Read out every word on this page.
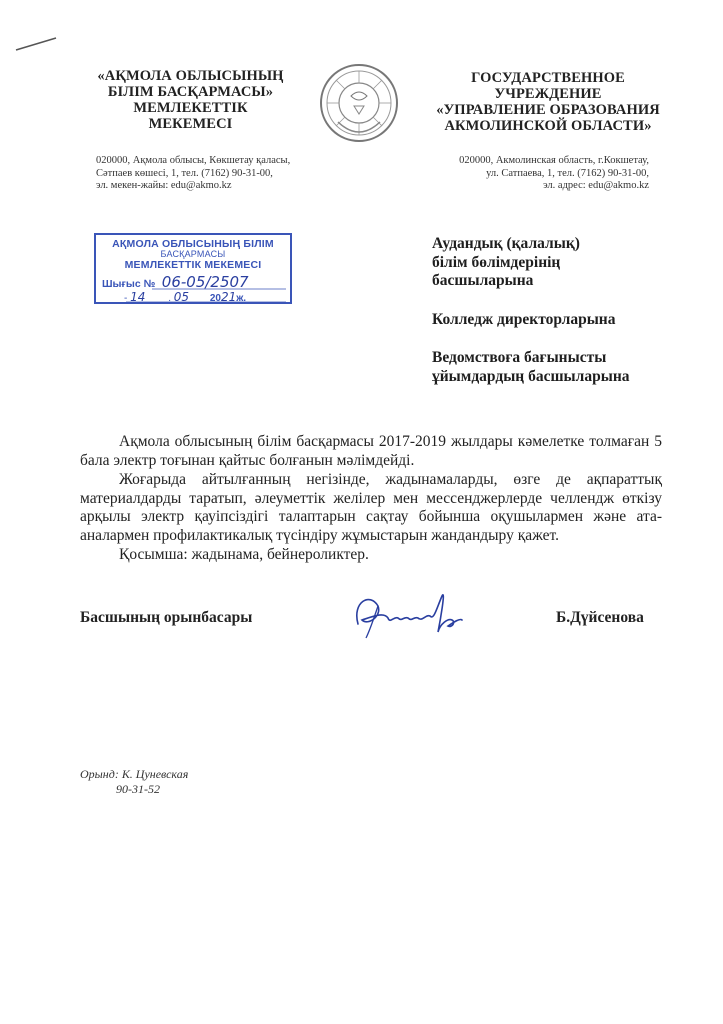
«АҚМОЛА ОБЛЫСЫНЫҢ
БІЛІМ БАСҚАРМАСЫ»
МЕМЛЕКЕТТІК
МЕКЕМЕСІ
ГОСУДАРСТВЕННОЕ
УЧРЕЖДЕНИЕ
«УПРАВЛЕНИЕ ОБРАЗОВАНИЯ
АКМОЛИНСКОЙ ОБЛАСТИ»
020000, Ақмола облысы, Көкшетау қаласы,
Сәтпаев көшесі, 1, тел. (7162) 90-31-00,
эл. мекен-жайы: edu@akmo.kz
020000, Акмолинская область, г.Кокшетау,
ул. Сатпаева, 1, тел. (7162) 90-31-00,
эл. адрес: edu@akmo.kz
АҚМОЛА ОБЛЫСЫНЫҢ БІЛІМ
БАСҚАРМАСЫ
МЕМЛЕКЕТТІК МЕКЕМЕСІ
Шығыс № 06-05/2507
- 14 . 05 2021ж.
Аудандық (қалалық)
білім бөлімдерінің
басшыларына
Колледж директорларына
Ведомствоға бағынысты
ұйымдардың басшыларына

Ақмола облысының білім басқармасы 2017-2019 жылдары кәмелетке толмаған 5 бала электр тоғынан қайтыс болғанын мәлімдейді.

Жоғарыда айтылғанның негізінде, жадынамаларды, өзге де ақпараттық материалдарды таратып, әлеуметтік желілер мен мессенджерлерде челлендж өткізу арқылы электр қауіпсіздігі талаптарын сақтау бойынша оқушылармен және ата-аналармен профилактикалық түсіндіру жұмыстарын жандандыру қажет.

Қосымша: жадынама, бейнероликтер.

Басшының орынбасары	Б.Дүйсенова
Орынд: К. Цуневская
90-31-52
